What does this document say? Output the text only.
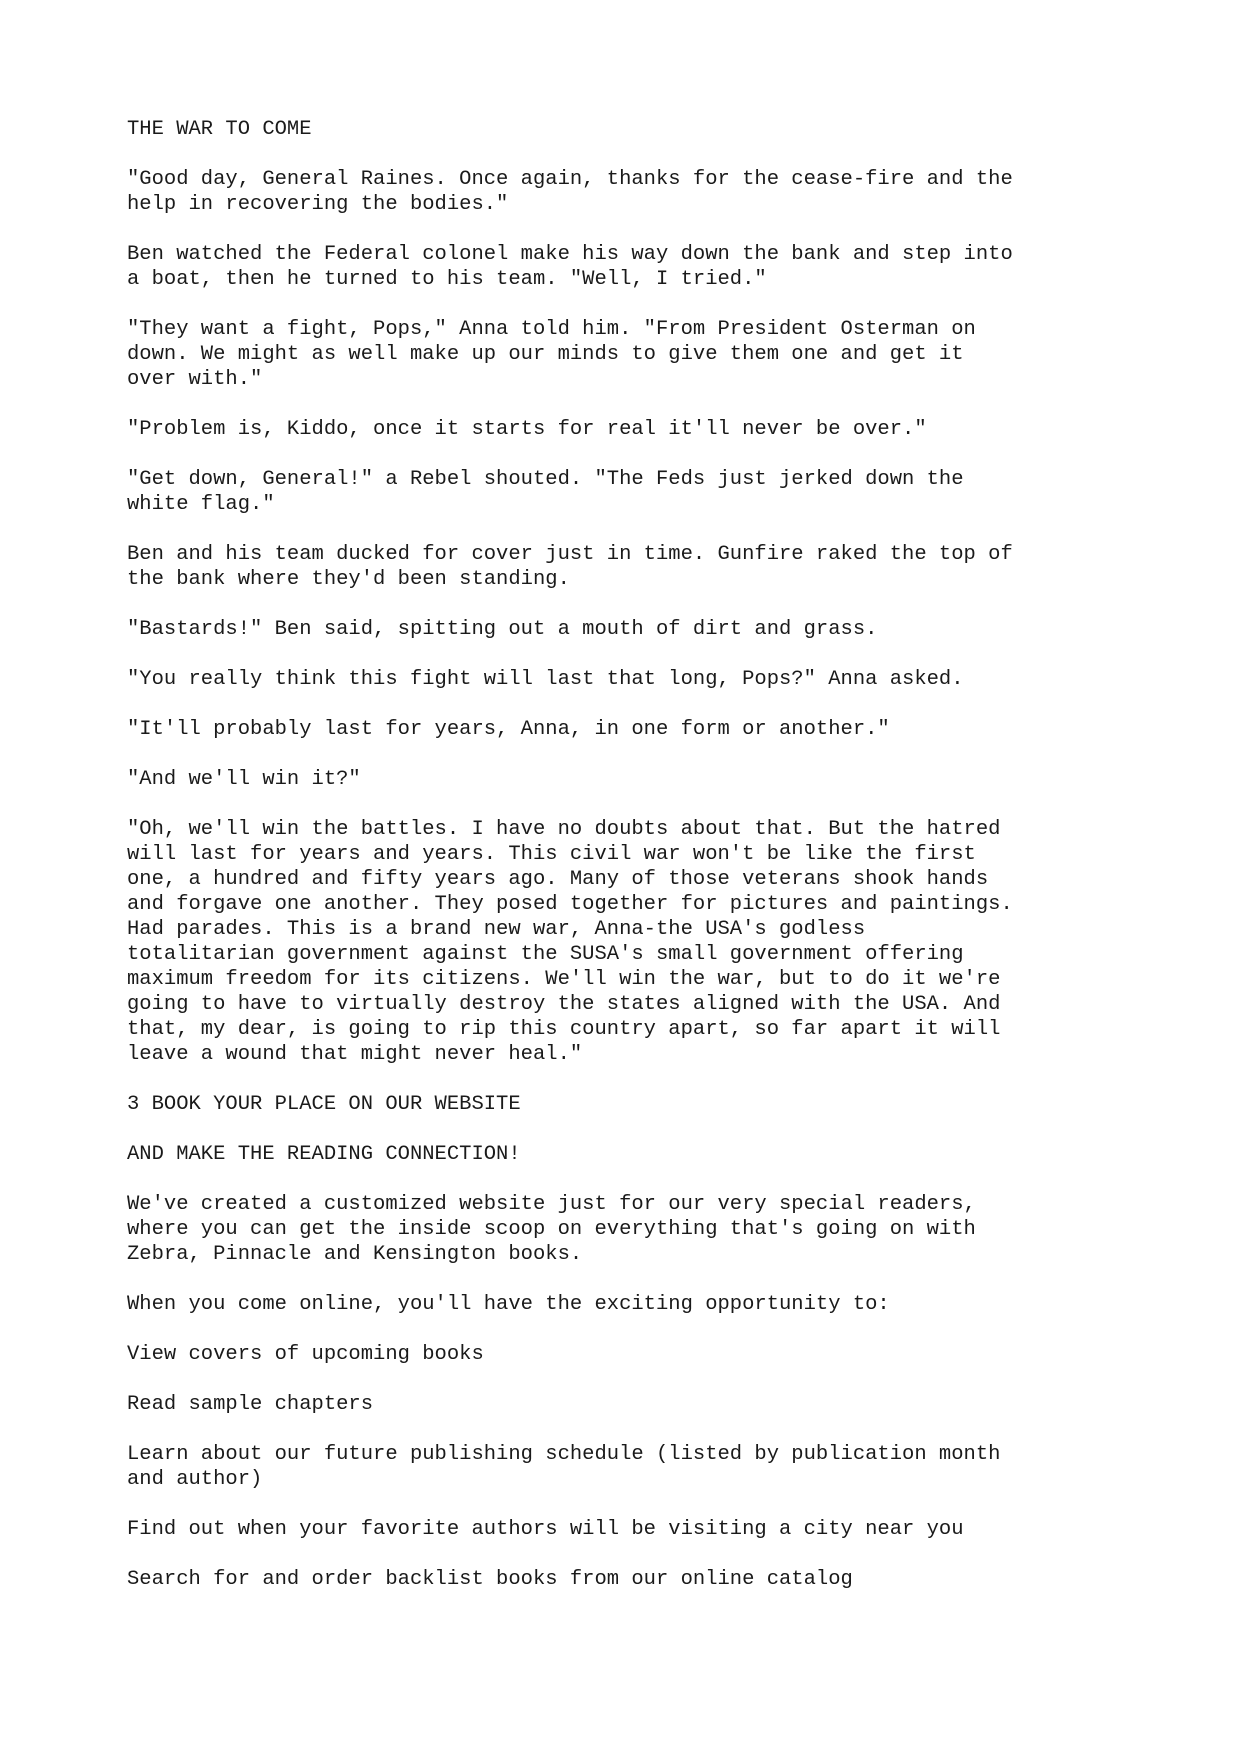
THE WAR TO COME

"Good day, General Raines. Once again, thanks for the cease-fire and the
help in recovering the bodies."

Ben watched the Federal colonel make his way down the bank and step into
a boat, then he turned to his team. "Well, I tried."

"They want a fight, Pops," Anna told him. "From President Osterman on
down. We might as well make up our minds to give them one and get it
over with."

"Problem is, Kiddo, once it starts for real it'll never be over."

"Get down, General!" a Rebel shouted. "The Feds just jerked down the
white flag."

Ben and his team ducked for cover just in time. Gunfire raked the top of
the bank where they'd been standing.

"Bastards!" Ben said, spitting out a mouth of dirt and grass.

"You really think this fight will last that long, Pops?" Anna asked.

"It'll probably last for years, Anna, in one form or another."

"And we'll win it?"

"Oh, we'll win the battles. I have no doubts about that. But the hatred
will last for years and years. This civil war won't be like the first
one, a hundred and fifty years ago. Many of those veterans shook hands
and forgave one another. They posed together for pictures and paintings.
Had parades. This is a brand new war, Anna-the USA's godless
totalitarian government against the SUSA's small government offering
maximum freedom for its citizens. We'll win the war, but to do it we're
going to have to virtually destroy the states aligned with the USA. And
that, my dear, is going to rip this country apart, so far apart it will
leave a wound that might never heal."

3 BOOK YOUR PLACE ON OUR WEBSITE

AND MAKE THE READING CONNECTION!

We've created a customized website just for our very special readers,
where you can get the inside scoop on everything that's going on with
Zebra, Pinnacle and Kensington books.

When you come online, you'll have the exciting opportunity to:

View covers of upcoming books

Read sample chapters

Learn about our future publishing schedule (listed by publication month
and author)

Find out when your favorite authors will be visiting a city near you

Search for and order backlist books from our online catalog
